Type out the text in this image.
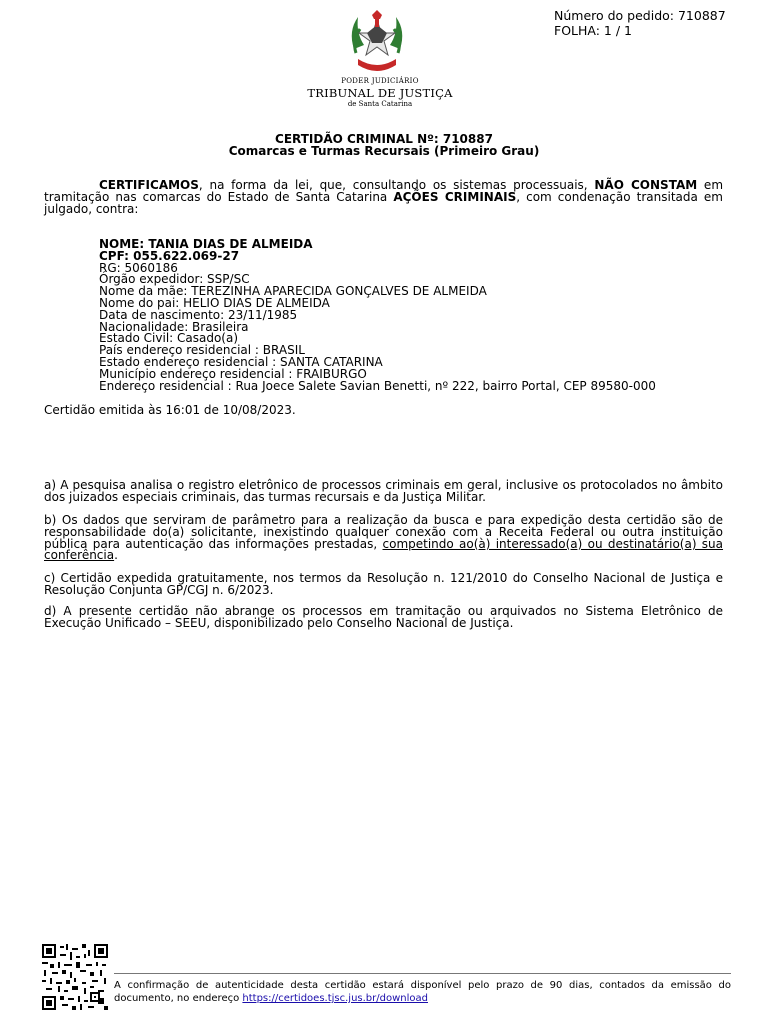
Número do pedido: 710887
FOLHA: 1 / 1
PODER JUDICIÁRIO
TRIBUNAL DE JUSTIÇA
de Santa Catarina
CERTIDÃO CRIMINAL Nº: 710887
Comarcas e Turmas Recursais (Primeiro Grau)
CERTIFICAMOS, na forma da lei, que, consultando os sistemas processuais, NÃO CONSTAM em tramitação nas comarcas do Estado de Santa Catarina AÇÕES CRIMINAIS, com condenação transitada em julgado, contra:
NOME: TANIA DIAS DE ALMEIDA
CPF: 055.622.069-27
RG: 5060186
Órgão expedidor: SSP/SC
Nome da mãe: TEREZINHA APARECIDA GONÇALVES DE ALMEIDA
Nome do pai: HELIO DIAS DE ALMEIDA
Data de nascimento: 23/11/1985
Nacionalidade: Brasileira
Estado Civil: Casado(a)
País endereço residencial : BRASIL
Estado endereço residencial : SANTA CATARINA
Município endereço residencial : FRAIBURGO
Endereço residencial : Rua Joece Salete Savian Benetti, nº 222, bairro Portal, CEP 89580-000
Certidão emitida às 16:01 de 10/08/2023.
a) A pesquisa analisa o registro eletrônico de processos criminais em geral, inclusive os protocolados no âmbito dos juizados especiais criminais, das turmas recursais e da Justiça Militar.
b) Os dados que serviram de parâmetro para a realização da busca e para expedição desta certidão são de responsabilidade do(a) solicitante, inexistindo qualquer conexão com a Receita Federal ou outra instituição pública para autenticação das informações prestadas, competindo ao(à) interessado(a) ou destinatário(a) sua conferência.
c) Certidão expedida gratuitamente, nos termos da Resolução n. 121/2010 do Conselho Nacional de Justiça e Resolução Conjunta GP/CGJ n. 6/2023.
d) A presente certidão não abrange os processos em tramitação ou arquivados no Sistema Eletrônico de Execução Unificado – SEEU, disponibilizado pelo Conselho Nacional de Justiça.
A confirmação de autenticidade desta certidão estará disponível pelo prazo de 90 dias, contados da emissão do documento, no endereço https://certidoes.tjsc.jus.br/download
